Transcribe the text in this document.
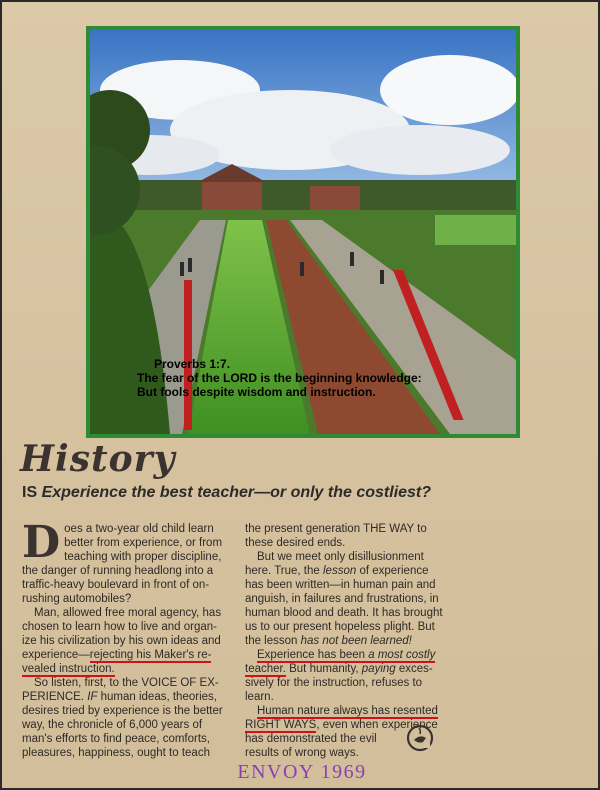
Proverbs 1:7.
The fear of the LORD is the beginning knowledge:
But fools despite wisdom and instruction.
History
IS Experience the best teacher—or only the costliest?

D oes a two-year old child learn
better from experience, or from
teaching with proper discipline,

the danger of running headlong into a
traffic-heavy boulevard in front of on-
rushing automobiles?

Man, allowed free moral agency, has
chosen to learn how to live and organ-
ize his civilization by his own ideas and
experience—rejecting his Maker's re-
vealed instruction.

So listen, first, to the VOICE OF EX-
PERIENCE. IF human ideas, theories,
desires tried by experience is the better
way, the chronicle of 6,000 years of
man's efforts to find peace, comforts,
pleasures, happiness, ought to teach

the present generation THE WAY to
these desired ends.

But we meet only disillusionment
here. True, the lesson of experience
has been written—in human pain and
anguish, in failures and frustrations, in
human blood and death. It has brought
us to our present hopeless plight. But
the lesson has not been learned!

Experience has been a most costly
teacher. But humanity, paying exces-
sively for the instruction, refuses to
learn.

Human nature always has resented
RIGHT WAYS, even when experience
has demonstrated the evil
results of wrong ways.

ENVOY 1969
